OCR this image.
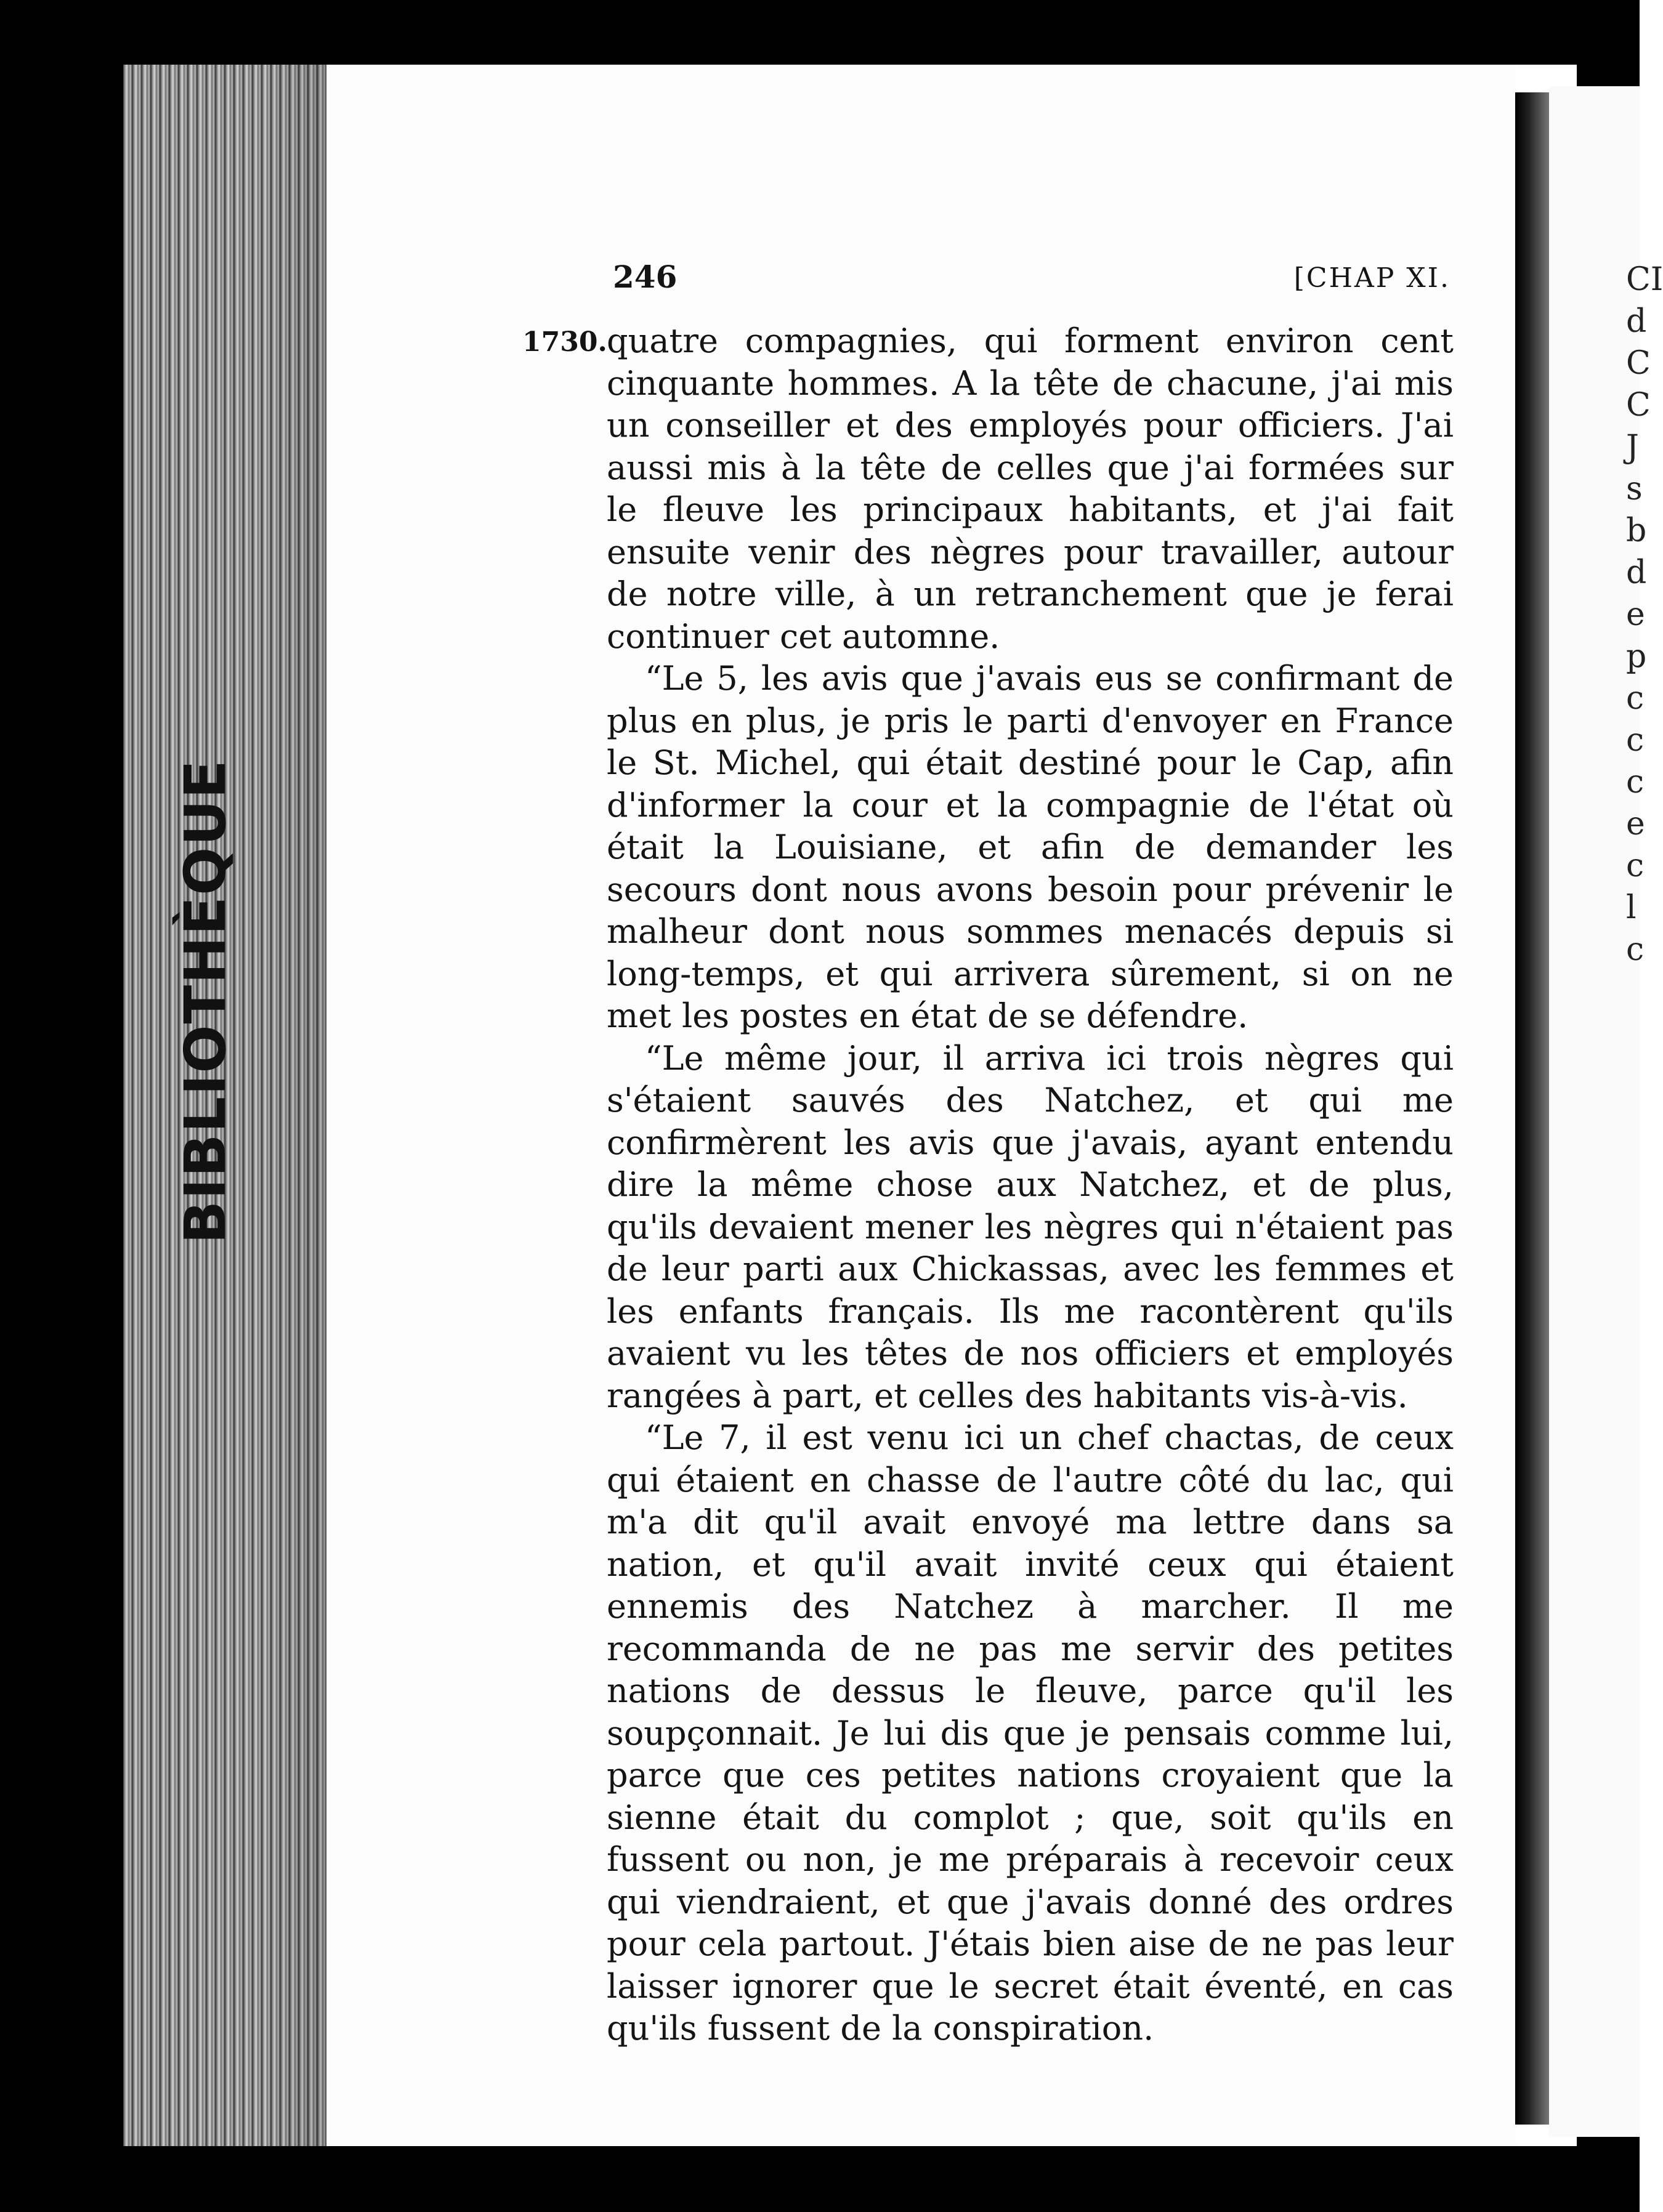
CI
d
C
C
J
s
b
d
e
p
c
c
c
e
c
l
c
BIBLIOTHÈQUE
246	[CHAP XI.
1730. quatre compagnies, qui forment environ cent cinquante hommes. A la tête de chacune, j'ai mis un conseiller et des employés pour officiers. J'ai aussi mis à la tête de celles que j'ai formées sur le fleuve les principaux habitants, et j'ai fait ensuite venir des nègres pour travailler, autour de notre ville, à un retranchement que je ferai continuer cet automne.

“Le 5, les avis que j'avais eus se confirmant de plus en plus, je pris le parti d'envoyer en France le St. Michel, qui était destiné pour le Cap, afin d'informer la cour et la compagnie de l'état où était la Louisiane, et afin de demander les secours dont nous avons besoin pour prévenir le malheur dont nous sommes menacés depuis si long-temps, et qui arrivera sûrement, si on ne met les postes en état de se défendre.

“Le même jour, il arriva ici trois nègres qui s'étaient sauvés des Natchez, et qui me confirmèrent les avis que j'avais, ayant entendu dire la même chose aux Natchez, et de plus, qu'ils devaient mener les nègres qui n'étaient pas de leur parti aux Chickassas, avec les femmes et les enfants français. Ils me racontèrent qu'ils avaient vu les têtes de nos officiers et employés rangées à part, et celles des habitants vis-à-vis.

“Le 7, il est venu ici un chef chactas, de ceux qui étaient en chasse de l'autre côté du lac, qui m'a dit qu'il avait envoyé ma lettre dans sa nation, et qu'il avait invité ceux qui étaient ennemis des Natchez à marcher. Il me recommanda de ne pas me servir des petites nations de dessus le fleuve, parce qu'il les soupçonnait. Je lui dis que je pensais comme lui, parce que ces petites nations croyaient que la sienne était du complot ; que, soit qu'ils en fussent ou non, je me préparais à recevoir ceux qui viendraient, et que j'avais donné des ordres pour cela partout. J'étais bien aise de ne pas leur laisser ignorer que le secret était éventé, en cas qu'ils fussent de la conspiration.
